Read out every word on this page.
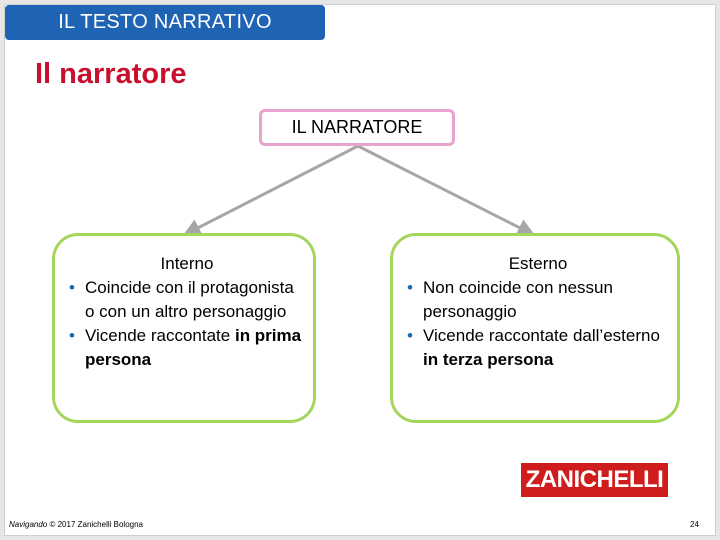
IL TESTO NARRATIVO
Il narratore
IL NARRATORE
Interno
• Coincide con il protagonista o con un altro personaggio
• Vicende raccontate in prima persona
Esterno
• Non coincide con nessun personaggio
• Vicende raccontate dall’esterno in terza persona
ZANICHELLI
Navigando © 2017 Zanichelli Bologna	24
